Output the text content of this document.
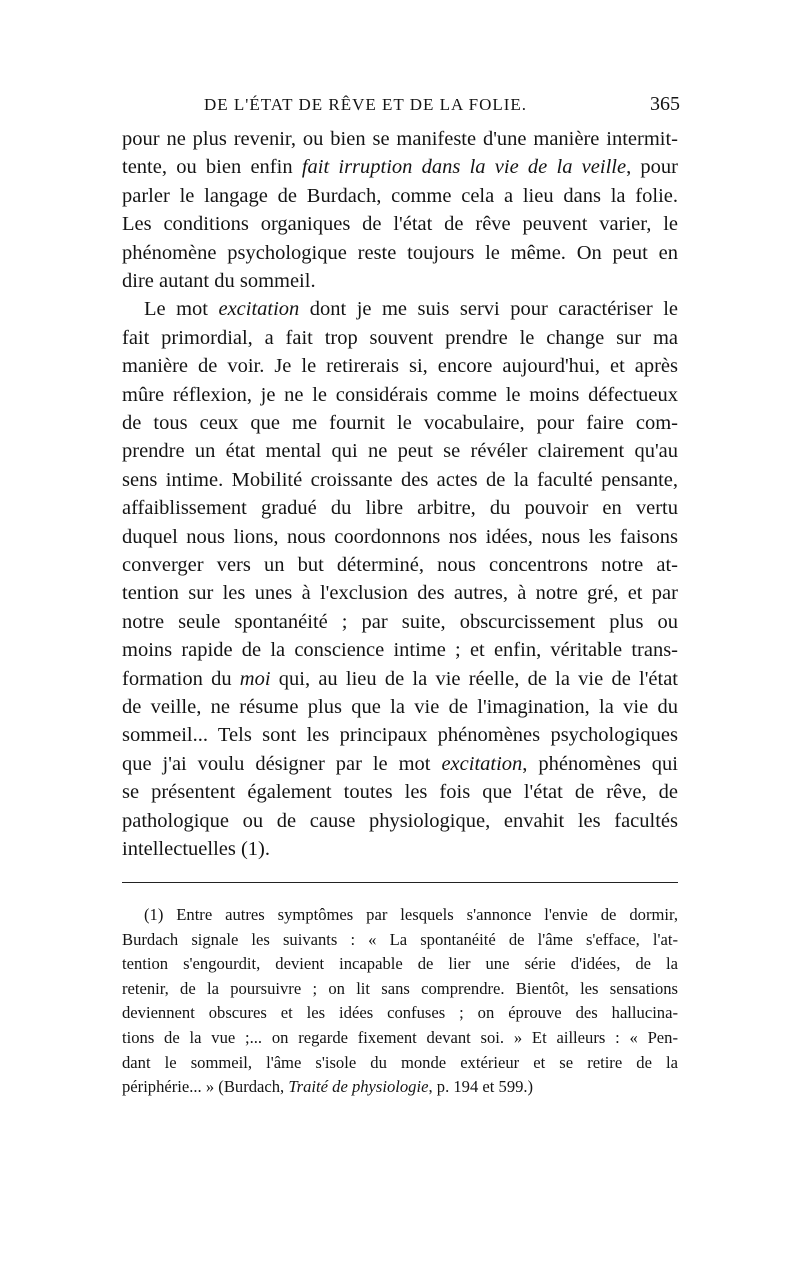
DE L'ÉTAT DE RÊVE ET DE LA FOLIE.	365
pour ne plus revenir, ou bien se manifeste d'une manière intermit-
tente, ou bien enfin fait irruption dans la vie de la veille, pour
parler le langage de Burdach, comme cela a lieu dans la folie.
Les conditions organiques de l'état de rêve peuvent varier, le
phénomène psychologique reste toujours le même. On peut en
dire autant du sommeil.
Le mot excitation dont je me suis servi pour caractériser le
fait primordial, a fait trop souvent prendre le change sur ma
manière de voir. Je le retirerais si, encore aujourd'hui, et après
mûre réflexion, je ne le considérais comme le moins défectueux
de tous ceux que me fournit le vocabulaire, pour faire com-
prendre un état mental qui ne peut se révéler clairement qu'au
sens intime. Mobilité croissante des actes de la faculté pensante,
affaiblissement gradué du libre arbitre, du pouvoir en vertu
duquel nous lions, nous coordonnons nos idées, nous les faisons
converger vers un but déterminé, nous concentrons notre at-
tention sur les unes à l'exclusion des autres, à notre gré, et par
notre seule spontanéité ; par suite, obscurcissement plus ou
moins rapide de la conscience intime ; et enfin, véritable trans-
formation du moi qui, au lieu de la vie réelle, de la vie de l'état
de veille, ne résume plus que la vie de l'imagination, la vie du
sommeil... Tels sont les principaux phénomènes psychologiques
que j'ai voulu désigner par le mot excitation, phénomènes qui
se présentent également toutes les fois que l'état de rêve, de
pathologique ou de cause physiologique, envahit les facultés
intellectuelles (1).
(1) Entre autres symptômes par lesquels s'annonce l'envie de dormir,
Burdach signale les suivants : « La spontanéité de l'âme s'efface, l'at-
tention s'engourdit, devient incapable de lier une série d'idées, de la
retenir, de la poursuivre ; on lit sans comprendre. Bientôt, les sensations
deviennent obscures et les idées confuses ; on éprouve des hallucina-
tions de la vue ;... on regarde fixement devant soi. » Et ailleurs : « Pen-
dant le sommeil, l'âme s'isole du monde extérieur et se retire de la
périphérie... » (Burdach, Traité de physiologie, p. 194 et 599.)
